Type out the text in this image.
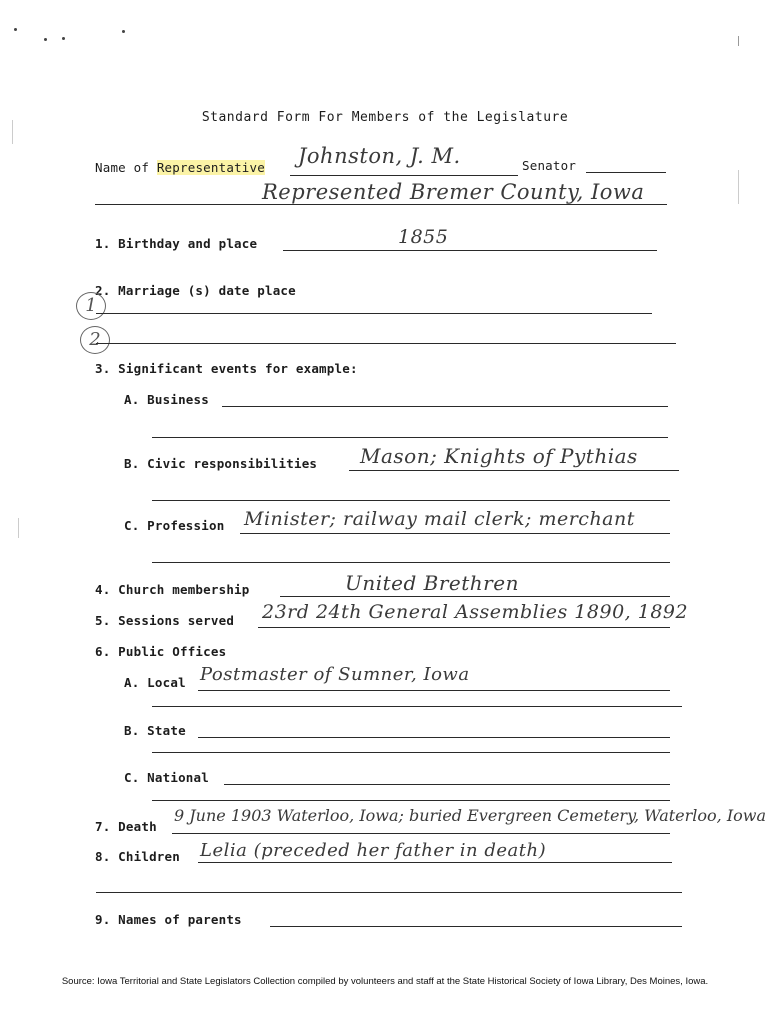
Standard Form For Members of the Legislature
Name of Representative Johnston, J. M.	Senator
Represented Bremer County, Iowa
1. Birthday and place	1855
2. Marriage (s) date place
1
2
3. Significant events for example:
A. Business
B. Civic responsibilities Mason; Knights of Pythias
C. Profession Minister; railway mail clerk; merchant
4. Church membership	United Brethren
5. Sessions served 23rd 24th General Assemblies 1890, 1892
6. Public Offices
A. Local Postmaster of Sumner, Iowa
B. State
C. National
7. Death
9 June 1903 Waterloo, Iowa; buried Evergreen Cemetery, Waterloo, Iowa
8. Children Lelia (preceded her father in death)
9. Names of parents
Source: Iowa Territorial and State Legislators Collection compiled by volunteers and staff at the State Historical Society of Iowa Library, Des Moines, Iowa.
